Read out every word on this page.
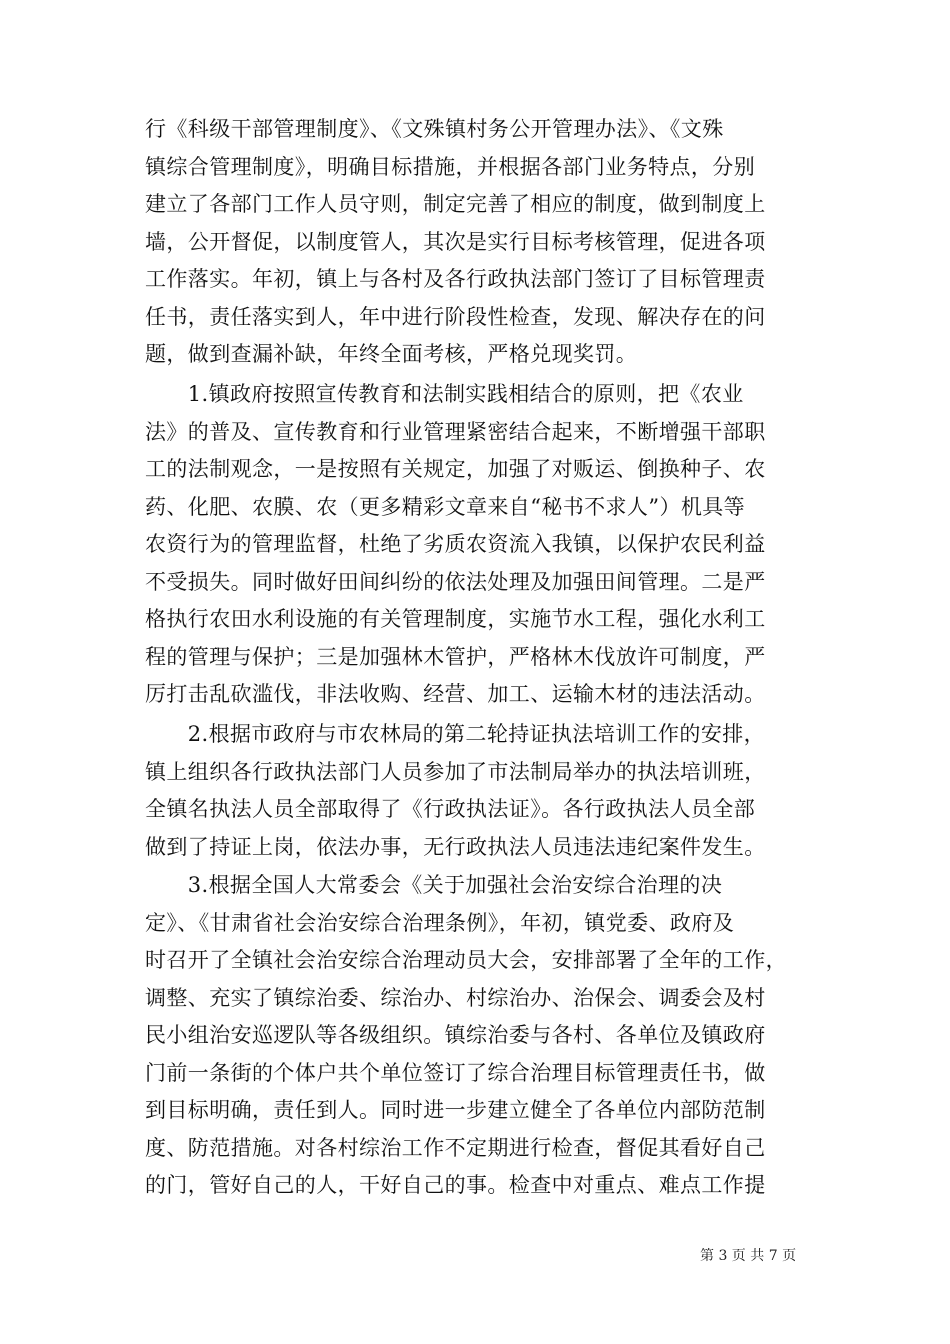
行《科级干部管理制度》、《文殊镇村务公开管理办法》、《文殊
镇综合管理制度》，明确目标措施，并根据各部门业务特点，分别
建立了各部门工作人员守则，制定完善了相应的制度，做到制度上
墙，公开督促，以制度管人，其次是实行目标考核管理，促进各项
工作落实。年初，镇上与各村及各行政执法部门签订了目标管理责
任书，责任落实到人，年中进行阶段性检查，发现、解决存在的问
题，做到查漏补缺，年终全面考核，严格兑现奖罚。
　　1.镇政府按照宣传教育和法制实践相结合的原则，把《农业
法》的普及、宣传教育和行业管理紧密结合起来，不断增强干部职
工的法制观念，一是按照有关规定，加强了对贩运、倒换种子、农
药、化肥、农膜、农（更多精彩文章来自“秘书不求人”）机具等
农资行为的管理监督，杜绝了劣质农资流入我镇，以保护农民利益
不受损失。同时做好田间纠纷的依法处理及加强田间管理。二是严
格执行农田水利设施的有关管理制度，实施节水工程，强化水利工
程的管理与保护；三是加强林木管护，严格林木伐放许可制度，严
厉打击乱砍滥伐，非法收购、经营、加工、运输木材的违法活动。
　　2.根据市政府与市农林局的第二轮持证执法培训工作的安排，
镇上组织各行政执法部门人员参加了市法制局举办的执法培训班，
全镇名执法人员全部取得了《行政执法证》。各行政执法人员全部
做到了持证上岗，依法办事，无行政执法人员违法违纪案件发生。
　　3.根据全国人大常委会《关于加强社会治安综合治理的决
定》、《甘肃省社会治安综合治理条例》，年初，镇党委、政府及
时召开了全镇社会治安综合治理动员大会，安排部署了全年的工作，
调整、充实了镇综治委、综治办、村综治办、治保会、调委会及村
民小组治安巡逻队等各级组织。镇综治委与各村、各单位及镇政府
门前一条街的个体户共个单位签订了综合治理目标管理责任书，做
到目标明确，责任到人。同时进一步建立健全了各单位内部防范制
度、防范措施。对各村综治工作不定期进行检查，督促其看好自己
的门，管好自己的人，干好自己的事。检查中对重点、难点工作提
第 3 页 共 7 页
